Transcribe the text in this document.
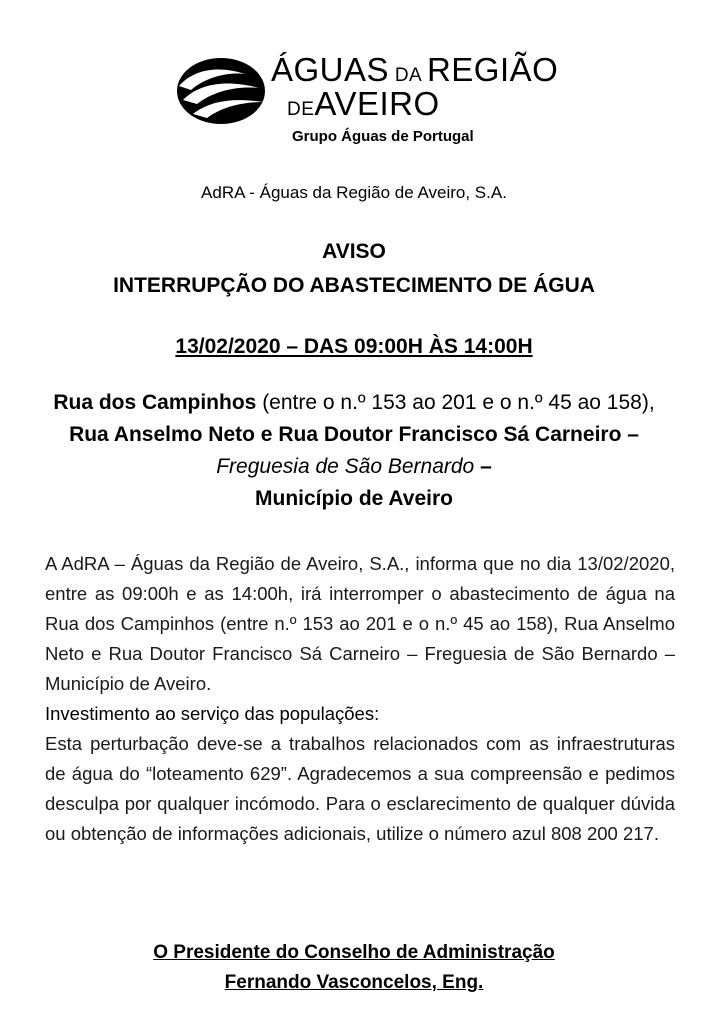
ÁGUAS DA REGIÃO
DEAVEIRO
Grupo Águas de Portugal
AdRA - Águas da Região de Aveiro, S.A.
AVISO
INTERRUPÇÃO DO ABASTECIMENTO DE ÁGUA
13/02/2020 – DAS 09:00H ÀS 14:00H
Rua dos Campinhos (entre o n.º 153 ao 201 e o n.º 45 ao 158), Rua Anselmo Neto e Rua Doutor Francisco Sá Carneiro – Freguesia de São Bernardo –
Município de Aveiro

A AdRA – Águas da Região de Aveiro, S.A., informa que no dia 13/02/2020, entre as 09:00h e as 14:00h, irá interromper o abastecimento de água na Rua dos Campinhos (entre n.º 153 ao 201 e o n.º 45 ao 158), Rua Anselmo Neto e Rua Doutor Francisco Sá Carneiro – Freguesia de São Bernardo – Município de Aveiro.

Investimento ao serviço das populações:

Esta perturbação deve-se a trabalhos relacionados com as infraestruturas de água do “loteamento 629”. Agradecemos a sua compreensão e pedimos desculpa por qualquer incómodo. Para o esclarecimento de qualquer dúvida ou obtenção de informações adicionais, utilize o número azul 808 200 217.

O Presidente do Conselho de Administração
Fernando Vasconcelos, Eng.
